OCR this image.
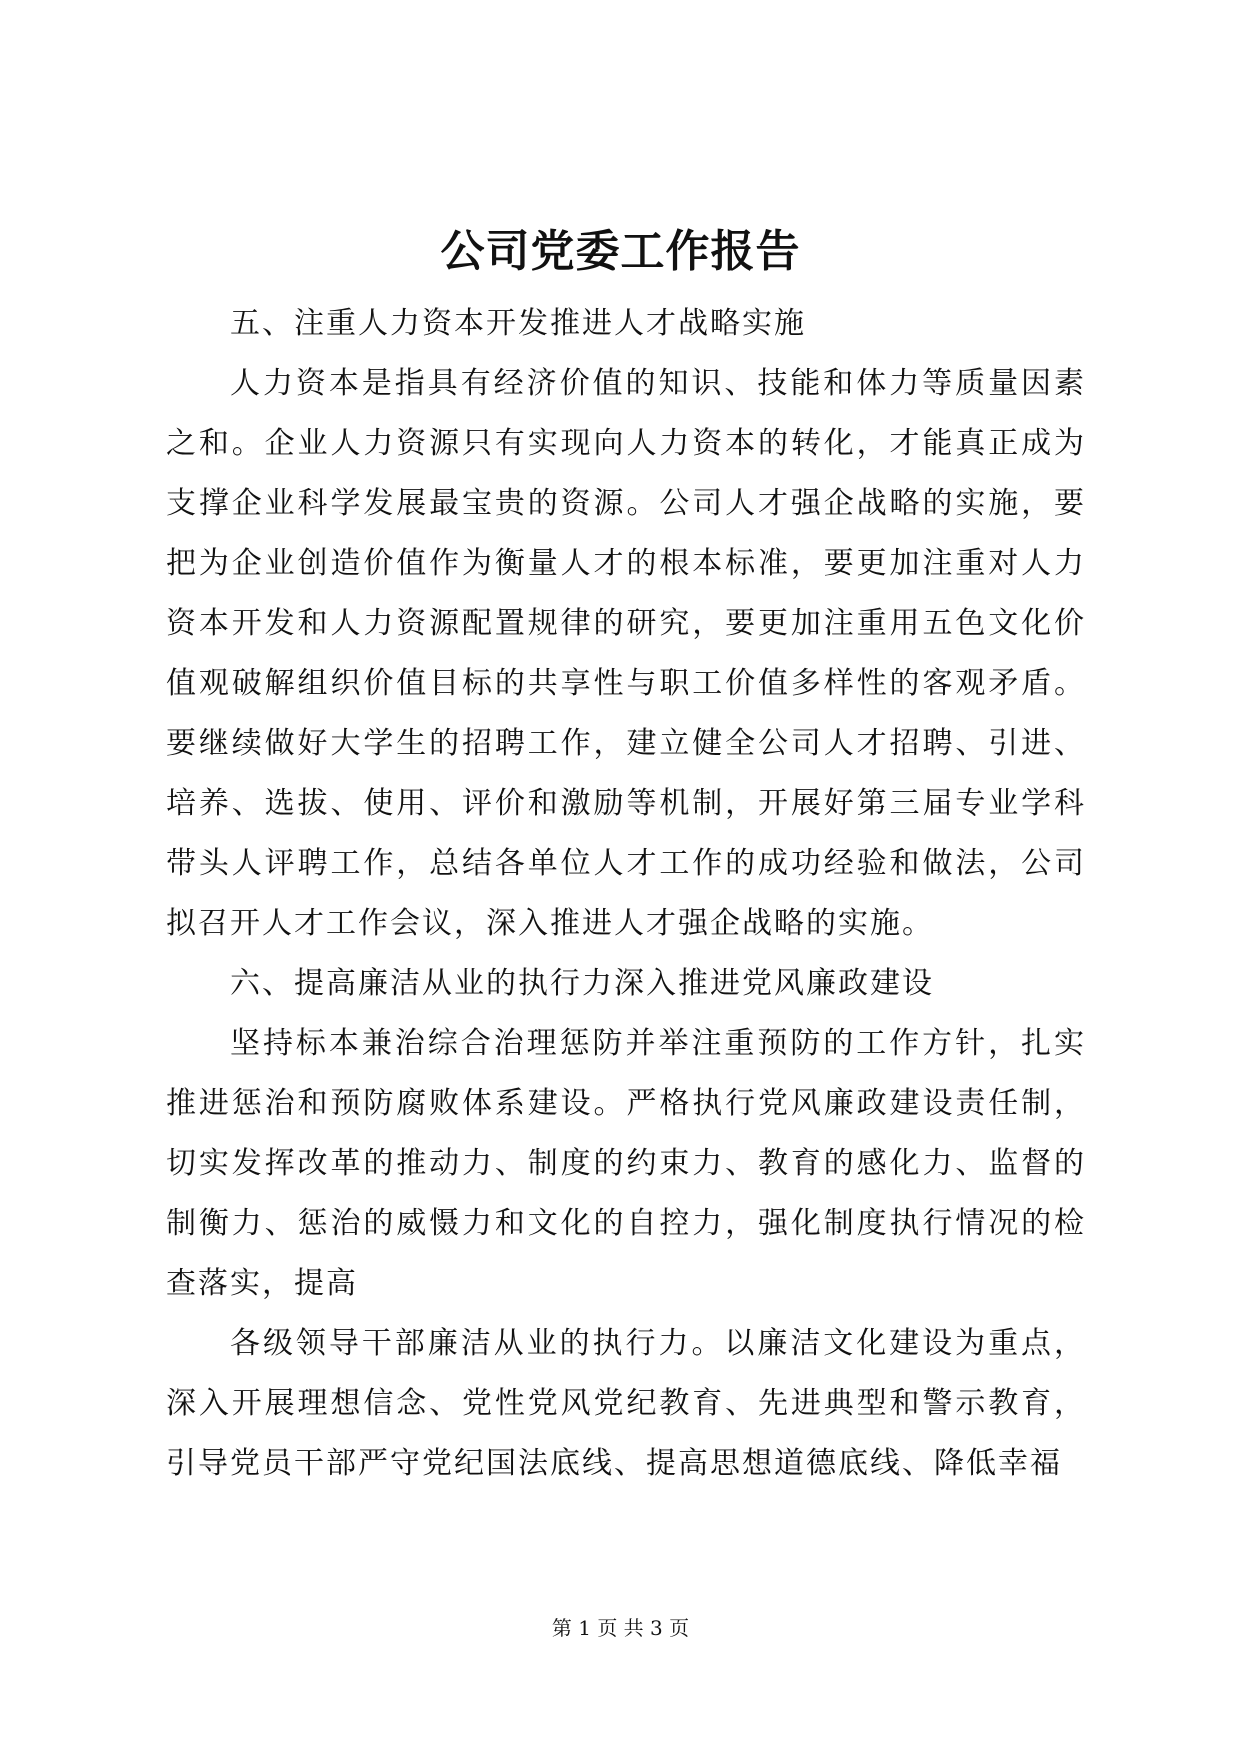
公司党委工作报告

五、注重人力资本开发推进人才战略实施

人力资本是指具有经济价值的知识、技能和体力等质量因素之和。企业人力资源只有实现向人力资本的转化，才能真正成为支撑企业科学发展最宝贵的资源。公司人才强企战略的实施，要把为企业创造价值作为衡量人才的根本标准，要更加注重对人力资本开发和人力资源配置规律的研究，要更加注重用五色文化价值观破解组织价值目标的共享性与职工价值多样性的客观矛盾。要继续做好大学生的招聘工作，建立健全公司人才招聘、引进、培养、选拔、使用、评价和激励等机制，开展好第三届专业学科带头人评聘工作，总结各单位人才工作的成功经验和做法，公司拟召开人才工作会议，深入推进人才强企战略的实施。

六、提高廉洁从业的执行力深入推进党风廉政建设

坚持标本兼治综合治理惩防并举注重预防的工作方针，扎实推进惩治和预防腐败体系建设。严格执行党风廉政建设责任制，切实发挥改革的推动力、制度的约束力、教育的感化力、监督的制衡力、惩治的威慑力和文化的自控力，强化制度执行情况的检查落实，提高

各级领导干部廉洁从业的执行力。以廉洁文化建设为重点，深入开展理想信念、党性党风党纪教育、先进典型和警示教育，引导党员干部严守党纪国法底线、提高思想道德底线、降低幸福

第 1 页 共 3 页
